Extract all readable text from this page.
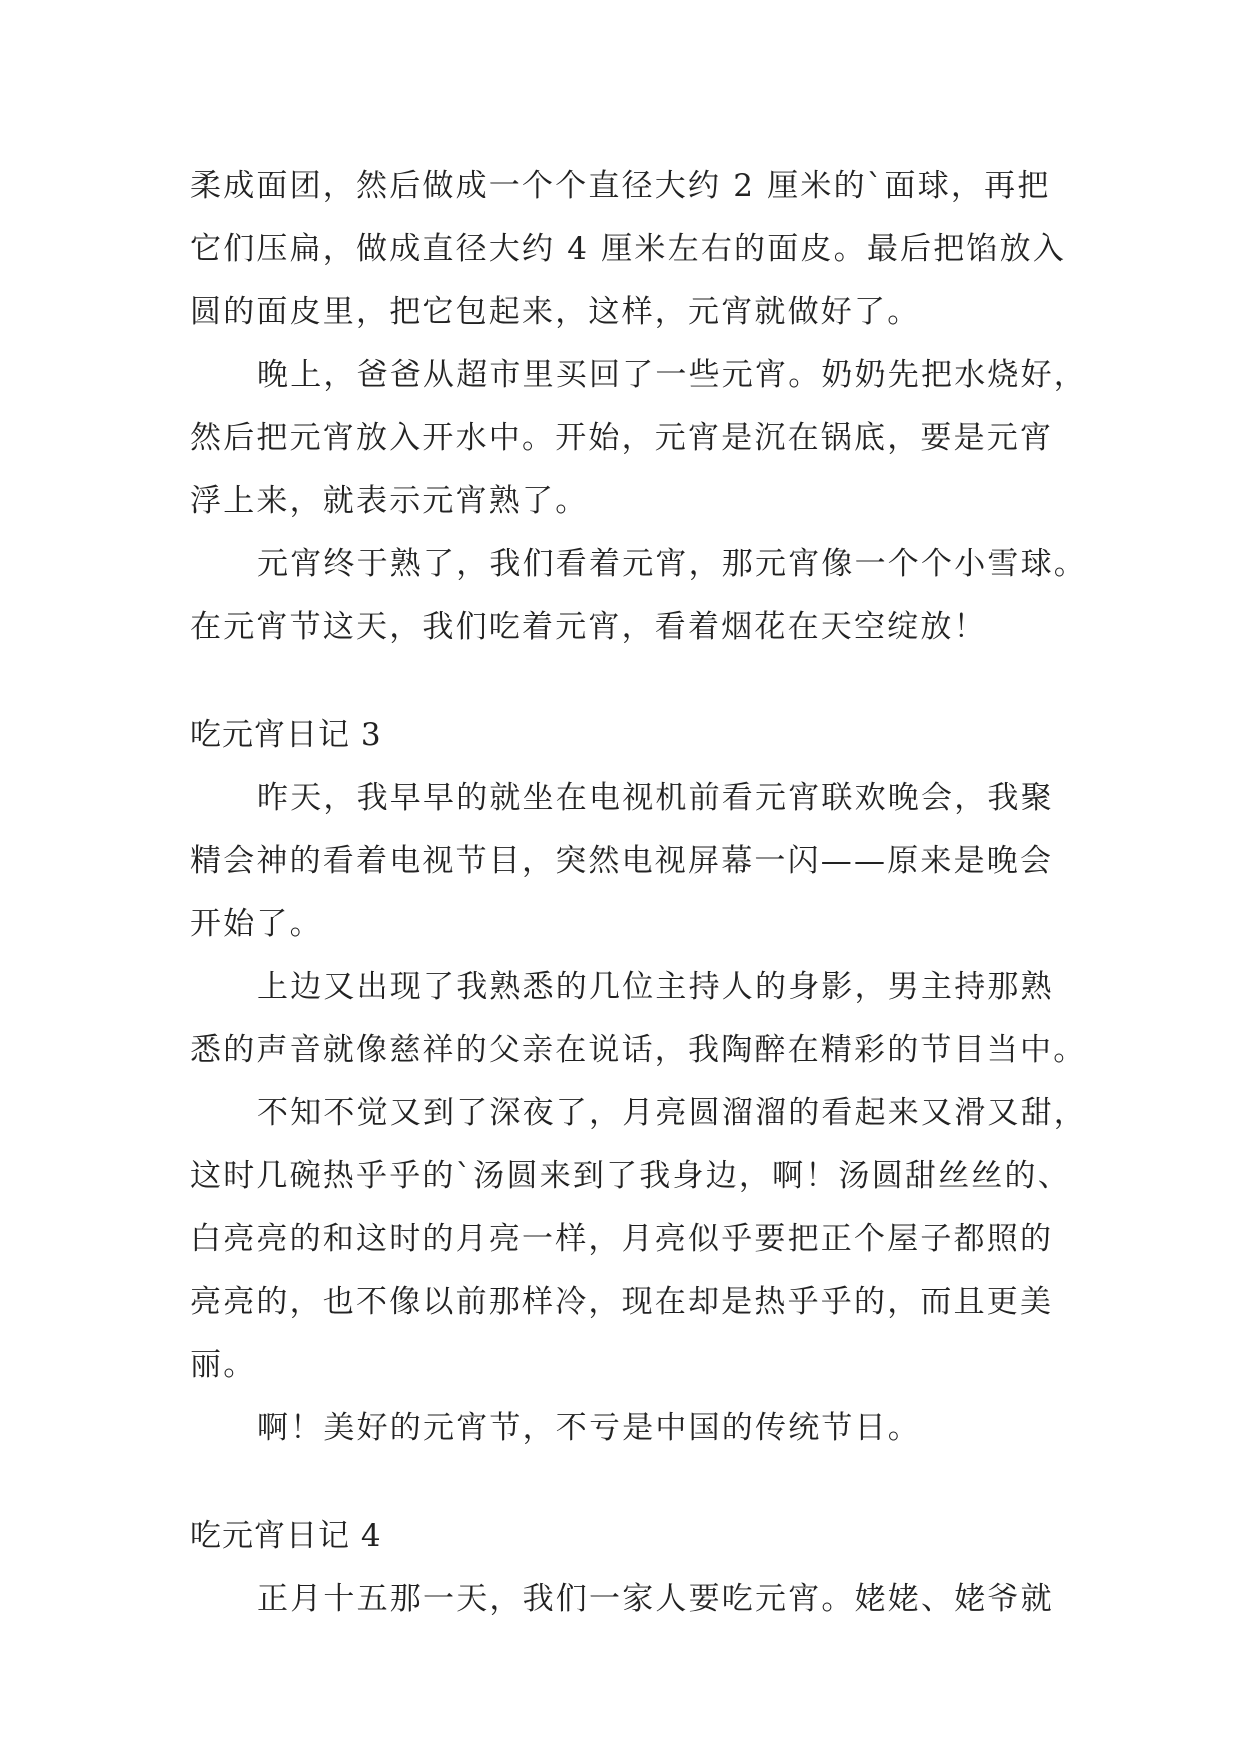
柔成面团，然后做成一个个直径大约 2 厘米的`面球，再把
它们压扁，做成直径大约 4 厘米左右的面皮。最后把馅放入
圆的面皮里，把它包起来，这样，元宵就做好了。
晚上，爸爸从超市里买回了一些元宵。奶奶先把水烧好，
然后把元宵放入开水中。开始，元宵是沉在锅底，要是元宵
浮上来，就表示元宵熟了。
元宵终于熟了，我们看着元宵，那元宵像一个个小雪球。
在元宵节这天，我们吃着元宵，看着烟花在天空绽放！
吃元宵日记 3
昨天，我早早的就坐在电视机前看元宵联欢晚会，我聚
精会神的看着电视节目，突然电视屏幕一闪——原来是晚会
开始了。
上边又出现了我熟悉的几位主持人的身影，男主持那熟
悉的声音就像慈祥的父亲在说话，我陶醉在精彩的节目当中。
不知不觉又到了深夜了，月亮圆溜溜的看起来又滑又甜，
这时几碗热乎乎的`汤圆来到了我身边，啊！汤圆甜丝丝的、
白亮亮的和这时的月亮一样，月亮似乎要把正个屋子都照的
亮亮的，也不像以前那样冷，现在却是热乎乎的，而且更美
丽。
啊！美好的元宵节，不亏是中国的传统节日。
吃元宵日记 4
正月十五那一天，我们一家人要吃元宵。姥姥、姥爷就
